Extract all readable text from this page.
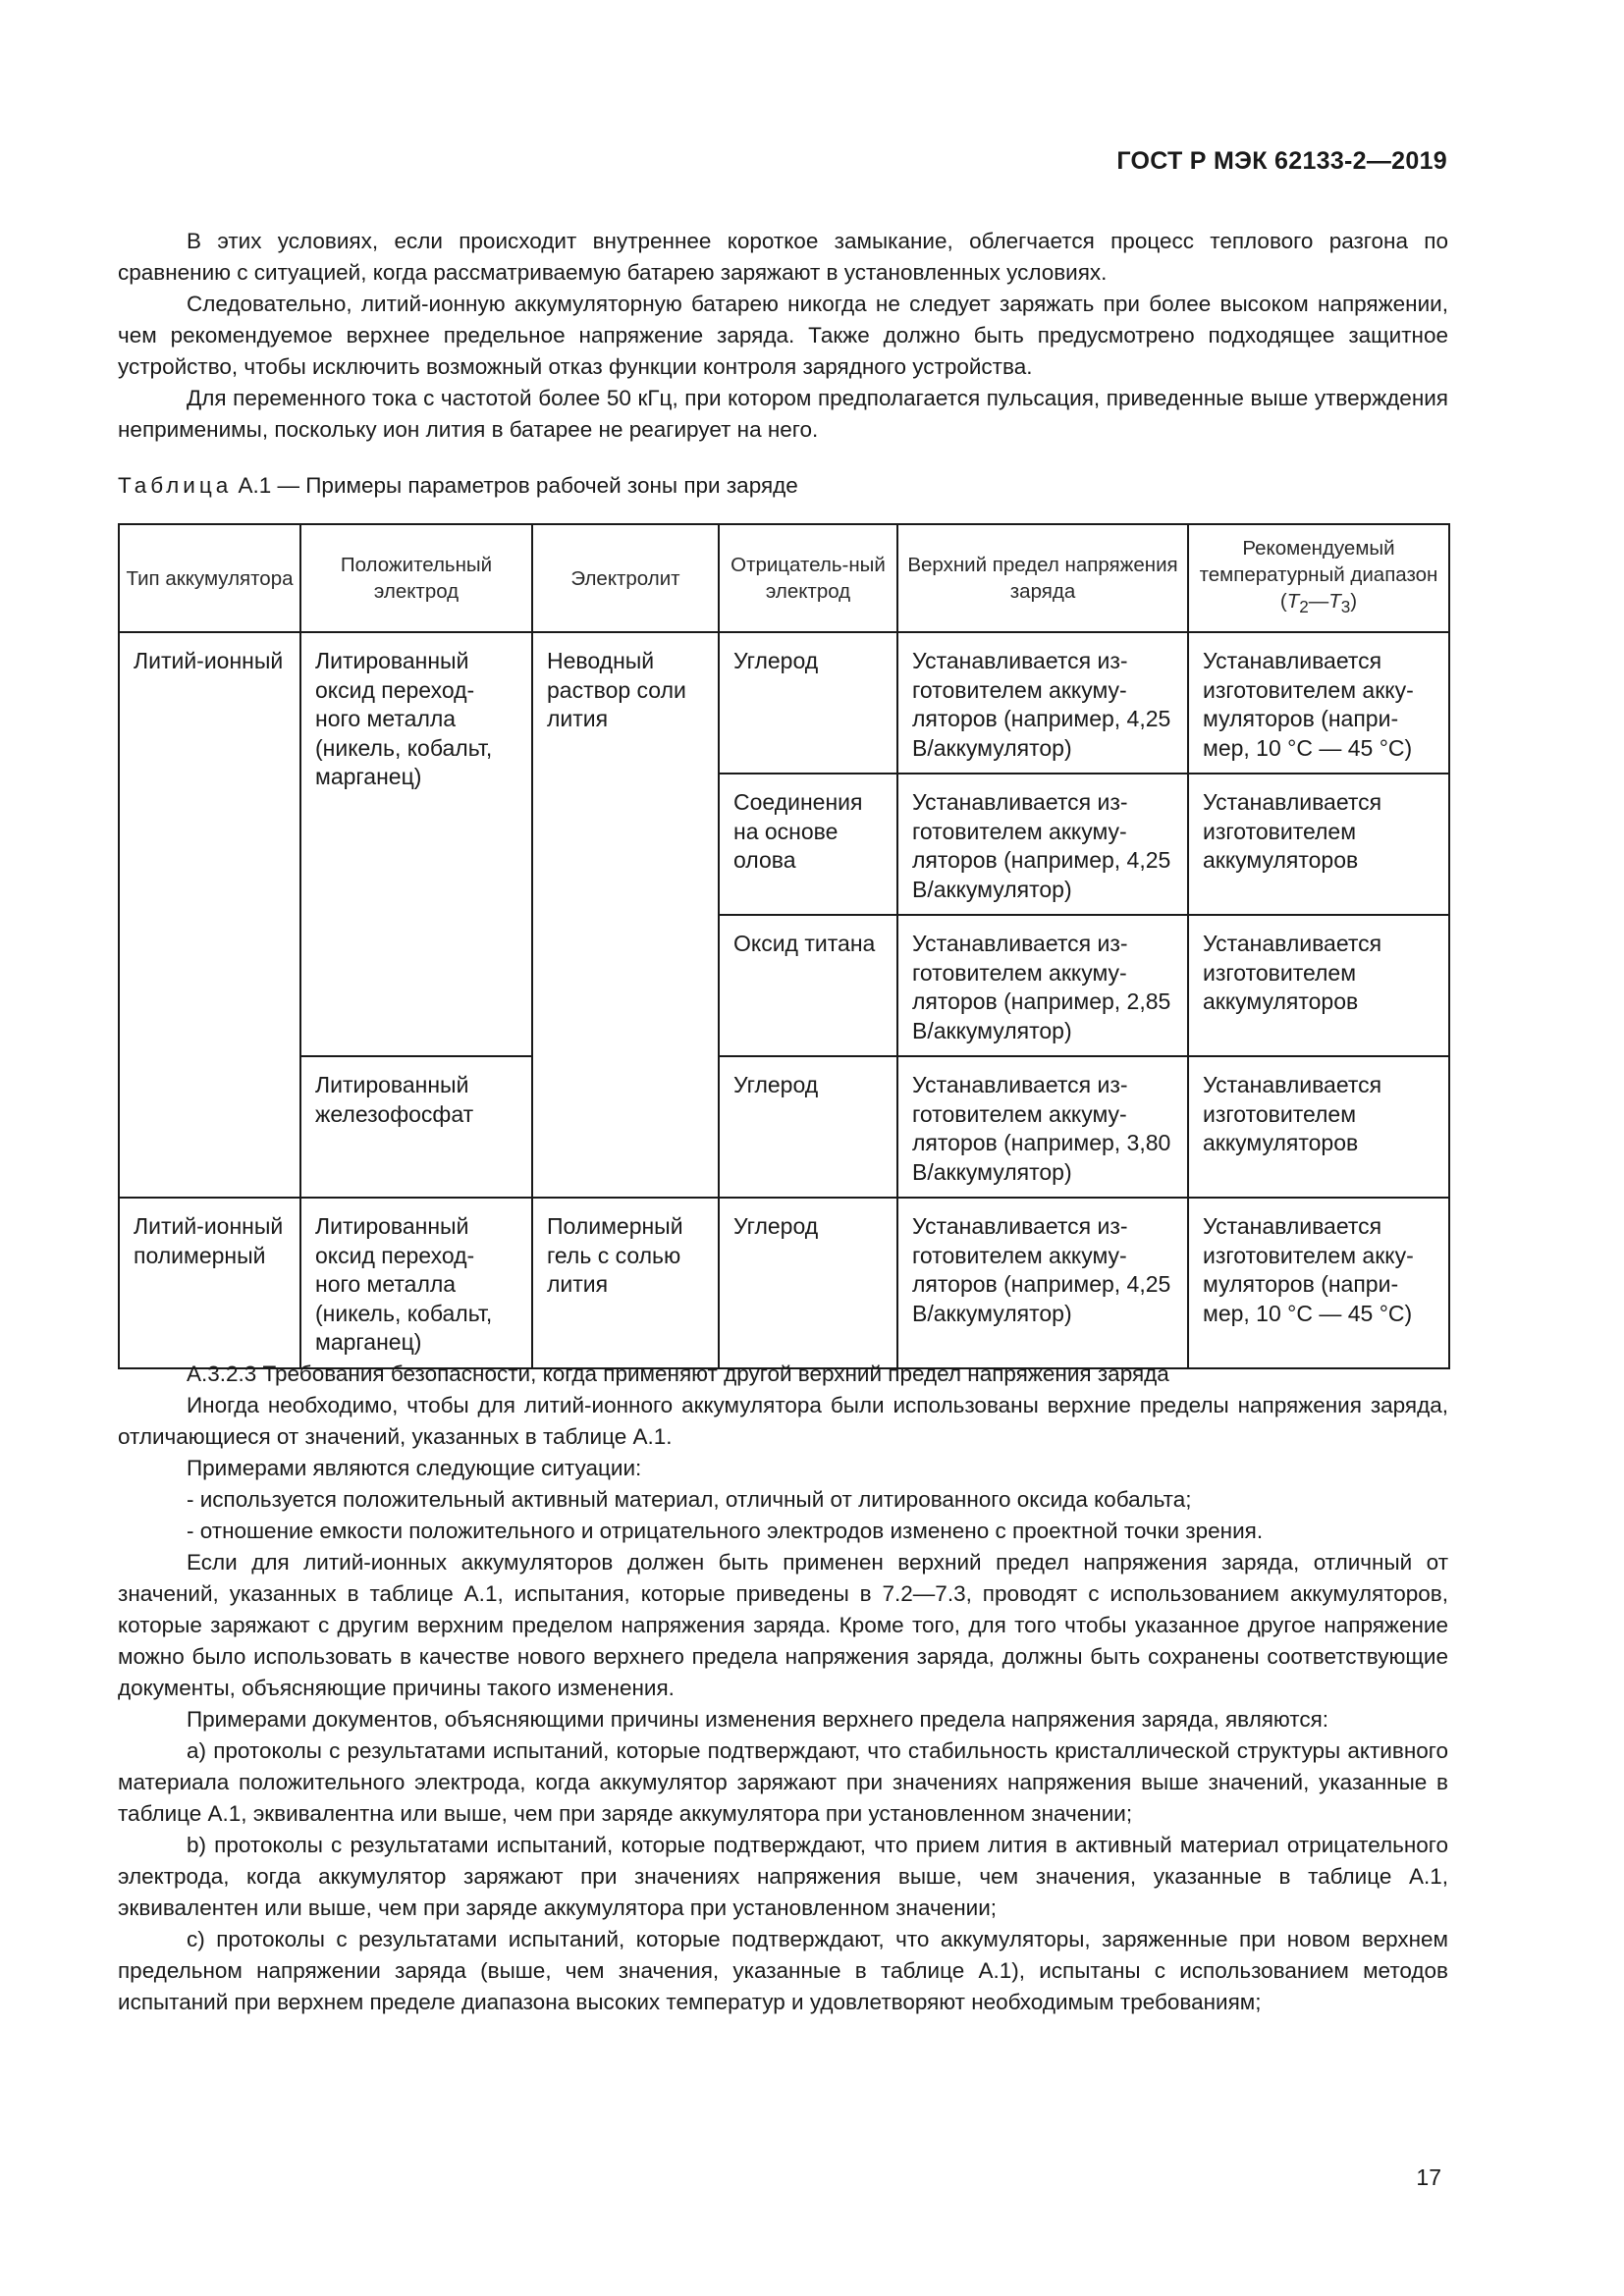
ГОСТ Р МЭК 62133-2—2019

В этих условиях, если происходит внутреннее короткое замыкание, облегчается процесс теплового разгона по сравнению с ситуацией, когда рассматриваемую батарею заряжают в установленных условиях.

Следовательно, литий-ионную аккумуляторную батарею никогда не следует заряжать при более высоком напряжении, чем рекомендуемое верхнее предельное напряжение заряда. Также должно быть предусмотрено подходящее защитное устройство, чтобы исключить возможный отказ функции контроля зарядного устройства.

Для переменного тока с частотой более 50 кГц, при котором предполагается пульсация, приведенные выше утверждения неприменимы, поскольку ион лития в батарее не реагирует на него.

Таблица А.1 — Примеры параметров рабочей зоны при заряде
Тип аккумулятора	Положительный электрод	Электролит	Отрицатель-ный электрод	Верхний предел напряжения заряда	Рекомендуемый температурный диапазон $(T_2—T_3)$
Литий-ионный	Литированный оксид переход-ного металла (никель, кобальт, марганец)	Неводный раствор соли лития	Углерод	Устанавливается из-готовителем аккуму-ляторов (например, 4,25 В/аккумулятор)	Устанавливается изготовителем акку-муляторов (напри-мер, 10 °С — 45 °С)
			Соединения на основе олова	Устанавливается из-готовителем аккуму-ляторов (например, 4,25 В/аккумулятор)	Устанавливается изготовителем аккумуляторов
			Оксид титана	Устанавливается из-готовителем аккуму-ляторов (например, 2,85 В/аккумулятор)	Устанавливается изготовителем аккумуляторов
	Литированный железофосфат		Углерод	Устанавливается из-готовителем аккуму-ляторов (например, 3,80 В/аккумулятор)	Устанавливается изготовителем аккумуляторов
Литий-ионный полимерный	Литированный оксид переход-ного металла (никель, кобальт, марганец)	Полимерный гель с солью лития	Углерод	Устанавливается из-готовителем аккуму-ляторов (например, 4,25 В/аккумулятор)	Устанавливается изготовителем акку-муляторов (напри-мер, 10 °С — 45 °С)

А.3.2.3 Требования безопасности, когда применяют другой верхний предел напряжения заряда

Иногда необходимо, чтобы для литий-ионного аккумулятора были использованы верхние пределы напряжения заряда, отличающиеся от значений, указанных в таблице А.1.

Примерами являются следующие ситуации:

- используется положительный активный материал, отличный от литированного оксида кобальта;

- отношение емкости положительного и отрицательного электродов изменено с проектной точки зрения.

Если для литий-ионных аккумуляторов должен быть применен верхний предел напряжения заряда, отличный от значений, указанных в таблице А.1, испытания, которые приведены в 7.2—7.3, проводят с использованием аккумуляторов, которые заряжают с другим верхним пределом напряжения заряда. Кроме того, для того чтобы указанное другое напряжение можно было использовать в качестве нового верхнего предела напряжения заряда, должны быть сохранены соответствующие документы, объясняющие причины такого изменения.

Примерами документов, объясняющими причины изменения верхнего предела напряжения заряда, являются:

а) протоколы с результатами испытаний, которые подтверждают, что стабильность кристаллической структуры активного материала положительного электрода, когда аккумулятор заряжают при значениях напряжения выше значений, указанные в таблице А.1, эквивалентна или выше, чем при заряде аккумулятора при установленном значении;

b) протоколы с результатами испытаний, которые подтверждают, что прием лития в активный материал отрицательного электрода, когда аккумулятор заряжают при значениях напряжения выше, чем значения, указанные в таблице А.1, эквивалентен или выше, чем при заряде аккумулятора при установленном значении;

с) протоколы с результатами испытаний, которые подтверждают, что аккумуляторы, заряженные при новом верхнем предельном напряжении заряда (выше, чем значения, указанные в таблице А.1), испытаны с использованием методов испытаний при верхнем пределе диапазона высоких температур и удовлетворяют необходимым требованиям;

17
